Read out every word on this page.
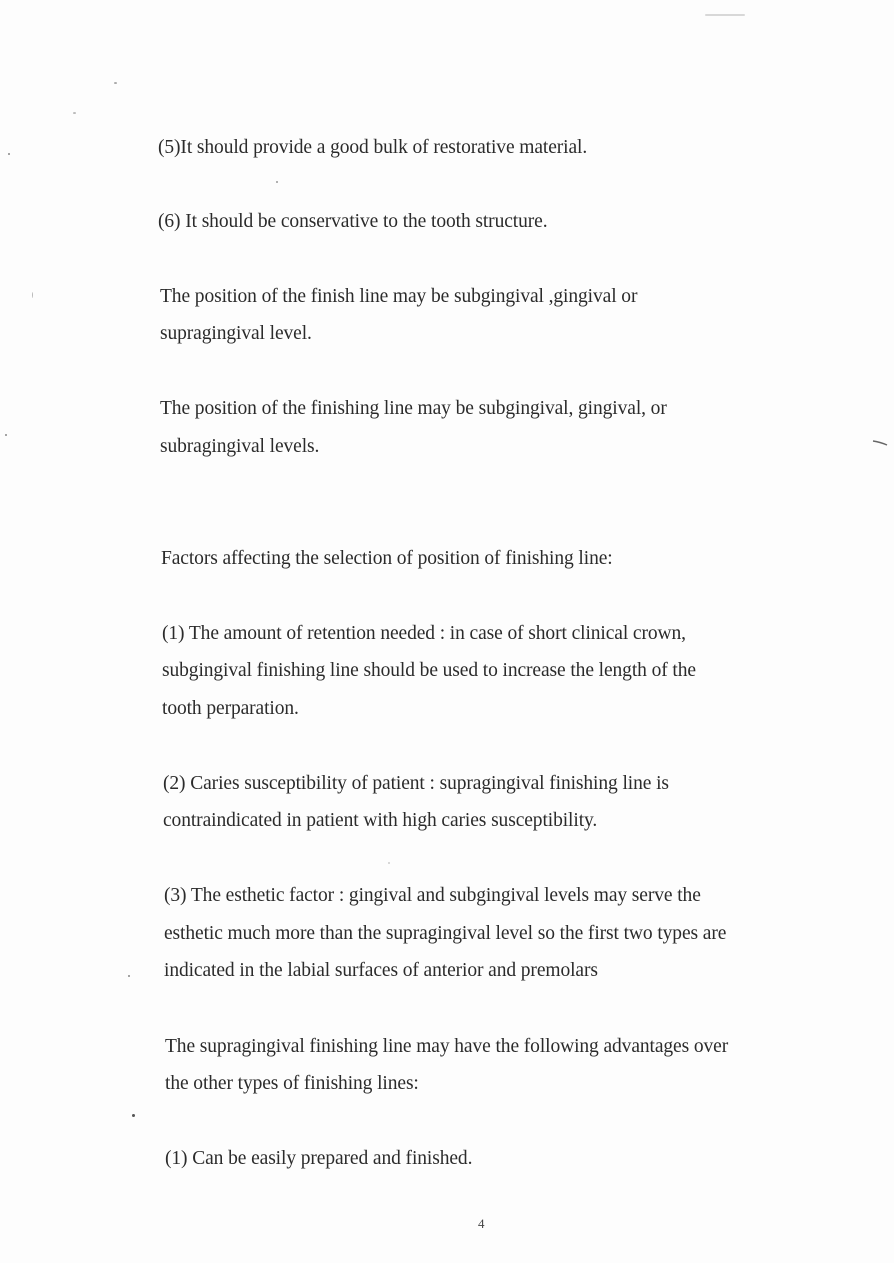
(5)It should provide a good bulk of restorative material.
(6) It should be conservative to the tooth structure.
The position of the finish line may be subgingival ,gingival or
supragingival level.
The position of the finishing line may be subgingival, gingival, or
subragingival levels.
Factors affecting the selection of position of finishing line:
(1) The amount of retention needed : in case of short clinical crown,
subgingival finishing line should be used to increase the length of the
tooth perparation.
(2) Caries susceptibility of patient : supragingival finishing line is
contraindicated in patient with high caries susceptibility.
(3) The esthetic factor : gingival and subgingival levels may serve the
esthetic much more than the supragingival level so the first two types are
indicated in the labial surfaces of anterior and premolars
The supragingival finishing line may have the following advantages over
the other types of finishing lines:
(1) Can be easily prepared and finished.
4
